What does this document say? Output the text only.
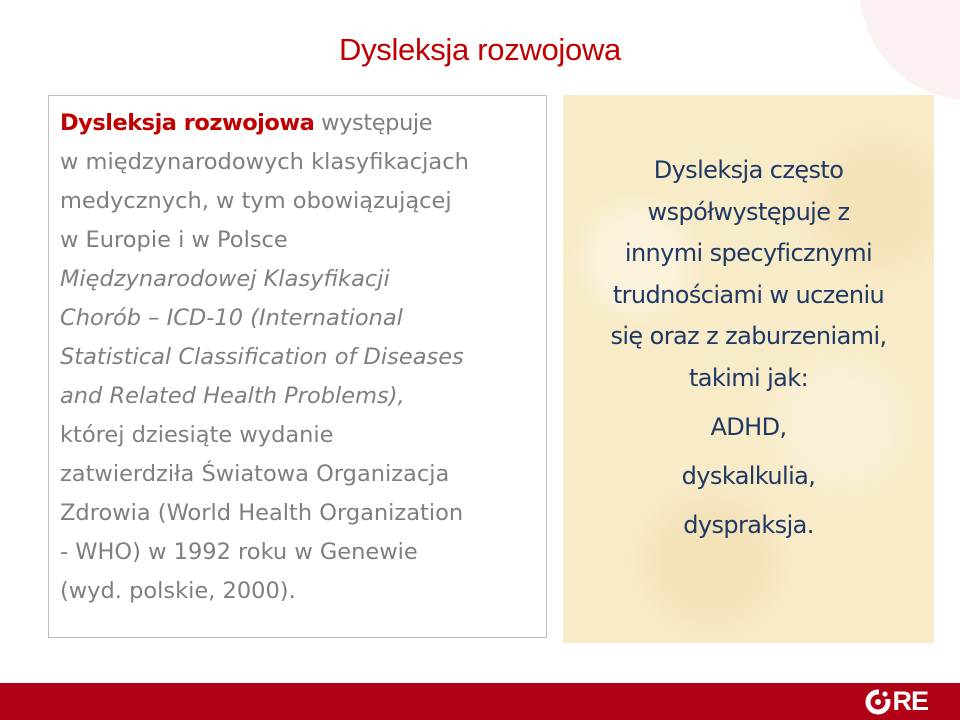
Dysleksja rozwojowa
Dysleksja rozwojowa występuje
w międzynarodowych klasyfikacjach
medycznych, w tym obowiązującej
w Europie i w Polsce
Międzynarodowej Klasyfikacji
Chorób – ICD-10 (International
Statistical Classification of Diseases
and Related Health Problems),
której dziesiąte wydanie
zatwierdziła Światowa Organizacja
Zdrowia (World Health Organization
- WHO) w 1992 roku w Genewie
(wyd. polskie, 2000).
Dysleksja często
współwystępuje z
innymi specyficznymi
trudnościami w uczeniu
się oraz z zaburzeniami,
takimi jak:
ADHD,
dyskalkulia,
dyspraksja.
RE
